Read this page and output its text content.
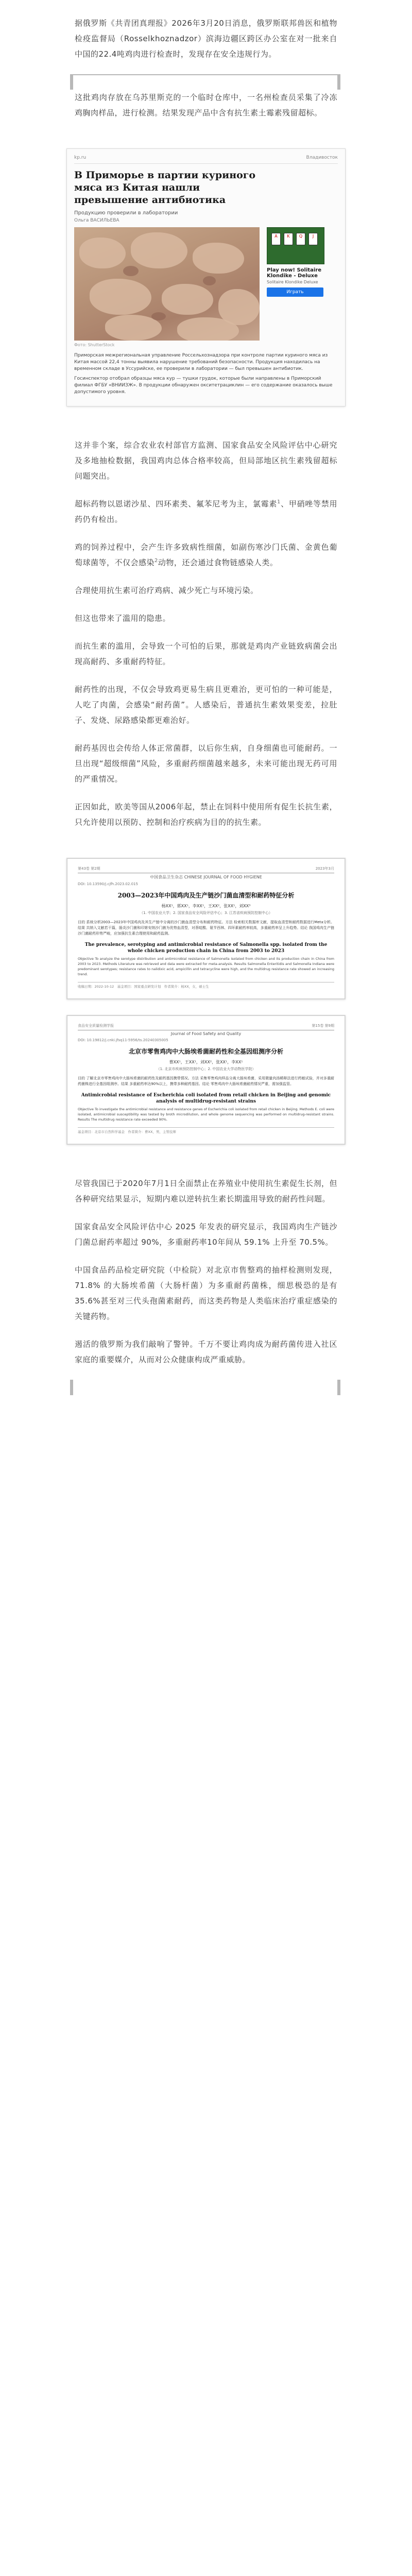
据俄罗斯《共青团真理报》2026年3月20日消息，俄罗斯联邦兽医和植物检疫监督局（Rosselkhoznadzor）滨海边疆区跨区办公室在对一批来自中国的22.4吨鸡肉进行检查时，发现存在安全违规行为。

这批鸡肉存放在乌苏里斯克的一个临时仓库中，一名州检查员采集了冷冻鸡胸肉样品，进行检测。结果发现产品中含有抗生素土霉素残留超标。

kp.ru	Владивосток
В Приморье в партии куриного мяса из Китая нашли превышение антибиотика
Продукцию проверили в лаборатории
Ольга ВАСИЛЬЕВА
Фото: ShutterStock
A	K	Q	J
Play now! Solitaire Klondike - Deluxe
Solitaire Klondike Deluxe
Играть

Приморская межрегиональная управление Россельхознадзора при контроле партии куриного мяса из Китая массой 22,4 тонны выявила нарушение требований безопасности. Продукция находилась на временном складе в Уссурийске, ее проверили в лаборатории — был превышен антибиотик.

Госинспектор отобрал образцы мяса кур — тушки грудок, которые были направлены в Приморский филиал ФГБУ «ВНИИЗЖ». В продукции обнаружен окситетрациклин — его содержание оказалось выше допустимого уровня.

这并非个案，综合农业农村部官方监测、国家食品安全风险评估中心研究及多地抽检数据，我国鸡肉总体合格率较高，但局部地区抗生素残留超标问题突出。

超标药物以恩诺沙星、四环素类、氟苯尼考为主，氯霉素$^1$、甲硝唑等禁用药仍有检出。

鸡的饲养过程中，会产生许多致病性细菌，如副伤寒沙门氏菌、金黄色葡萄球菌等，不仅会感染$^2$动物，还会通过食物链感染人类。

合理使用抗生素可治疗鸡病、减少死亡与环境污染。

但这也带来了滥用的隐患。

而抗生素的滥用，会导致一个可怕的后果，那就是鸡肉产业链致病菌会出现高耐药、多重耐药特征。

耐药性的出现，不仅会导致鸡更易生病且更难治，更可怕的一种可能是，人吃了肉菌，会感染“耐药菌”。人感染后，普通抗生素效果变差，拉肚子、发烧、尿路感染都更难治好。

耐药基因也会传给人体正常菌群，以后你生病，自身细菌也可能耐药。一旦出现“超级细菌”风险，多重耐药细菌越来越多，未来可能出现无药可用的严重情况。

正因如此，欧美等国从2006年起，禁止在饲料中使用所有促生长抗生素，只允许使用以预防、控制和治疗疾病为目的的抗生素。

第43卷 第2期	2023年3月
中国食品卫生杂志 CHINESE JOURNAL OF FOOD HYGIENE
DOI: 10.13590/j.cjfh.2023.02.015
2003—2023年中国鸡肉及生产链沙门菌血清型和耐药特征分析
杨XX¹，郭XX¹，李XX¹，王XX²，张XX¹，刘XX³
（1. 中国农业大学；2. 国家食品安全风险评估中心；3. 江苏省疾病预防控制中心）
目的 系统分析2003—2023年中国鸡肉及其生产链中分离的沙门菌血清型分布和耐药特征。方法 检索相关数据库文献，提取血清型和耐药数据进行Meta分析。结果 共纳入文献若干篇，肠炎沙门菌和印第安纳沙门菌为优势血清型，对萘啶酸、氨苄西林、四环素耐药率较高，多重耐药率呈上升趋势。结论 我国鸡肉生产链沙门菌耐药形势严峻，应加强抗生素合理使用和耐药监测。
The prevalence, serotyping and antimicrobial resistance of Salmonella spp. isolated from the whole chicken production chain in China from 2003 to 2023
Objective To analyze the serotype distribution and antimicrobial resistance of Salmonella isolated from chicken and its production chain in China from 2003 to 2023. Methods Literature was retrieved and data were extracted for meta-analysis. Results Salmonella Enteritidis and Salmonella Indiana were predominant serotypes; resistance rates to nalidixic acid, ampicillin and tetracycline were high, and the multidrug resistance rate showed an increasing trend.
收稿日期：2022-10-12　基金项目：国家重点研发计划　作者简介：杨XX，女，硕士生
食品安全质量检测学报	第15卷 第9期
Journal of Food Safety and Quality
DOI: 10.19812/j.cnki.jfsq11-5956/ts.20240305005
北京市零售鸡肉中大肠埃希菌耐药性和全基因组测序分析
曹XX¹，王XX¹，刘XX²，张XX¹，李XX¹
（1. 北京市疾病预防控制中心；2. 中国农业大学动物医学院）
目的 了解北京市零售鸡肉中大肠埃希菌的耐药性及耐药基因携带情况。方法 采集零售鸡肉样品分离大肠埃希菌，采用微量肉汤稀释法进行药敏试验，并对多重耐药菌株进行全基因组测序。结果 多重耐药率达90%以上，携带多种耐药基因。结论 零售鸡肉中大肠埃希菌耐药情况严重，需加强监管。
Antimicrobial resistance of Escherichia coli isolated from retail chicken in Beijing and genomic analysis of multidrug-resistant strains
Objective To investigate the antimicrobial resistance and resistance genes of Escherichia coli isolated from retail chicken in Beijing. Methods E. coli were isolated, antimicrobial susceptibility was tested by broth microdilution, and whole genome sequencing was performed on multidrug-resistant strains. Results The multidrug resistance rate exceeded 90%.
基金项目：北京市自然科学基金　作者简介：曹XX，男，主管技师

尽管我国已于2020年7月1日全面禁止在养殖业中使用抗生素促生长剂，但各种研究结果显示，短期内难以逆转抗生素长期滥用导致的耐药性问题。

国家食品安全风险评估中心 2025 年发表的研究显示，我国鸡肉生产链沙门菌总耐药率超过 90%，多重耐药率10年间从 59.1% 上升至 70.5%。

中国食品药品检定研究院（中检院）对北京市售整鸡的抽样检测则发现，71.8% 的大肠埃希菌（大肠杆菌）为多重耐药菌株，细思极恐的是有35.6%甚至对三代头孢菌素耐药，而这类药物是人类临床治疗重症感染的关键药物。

遏活的俄罗斯为我们敲响了警钟。千万不要让鸡肉成为耐药菌传进入社区家庭的重要媒介，从而对公众健康构成严重威胁。
